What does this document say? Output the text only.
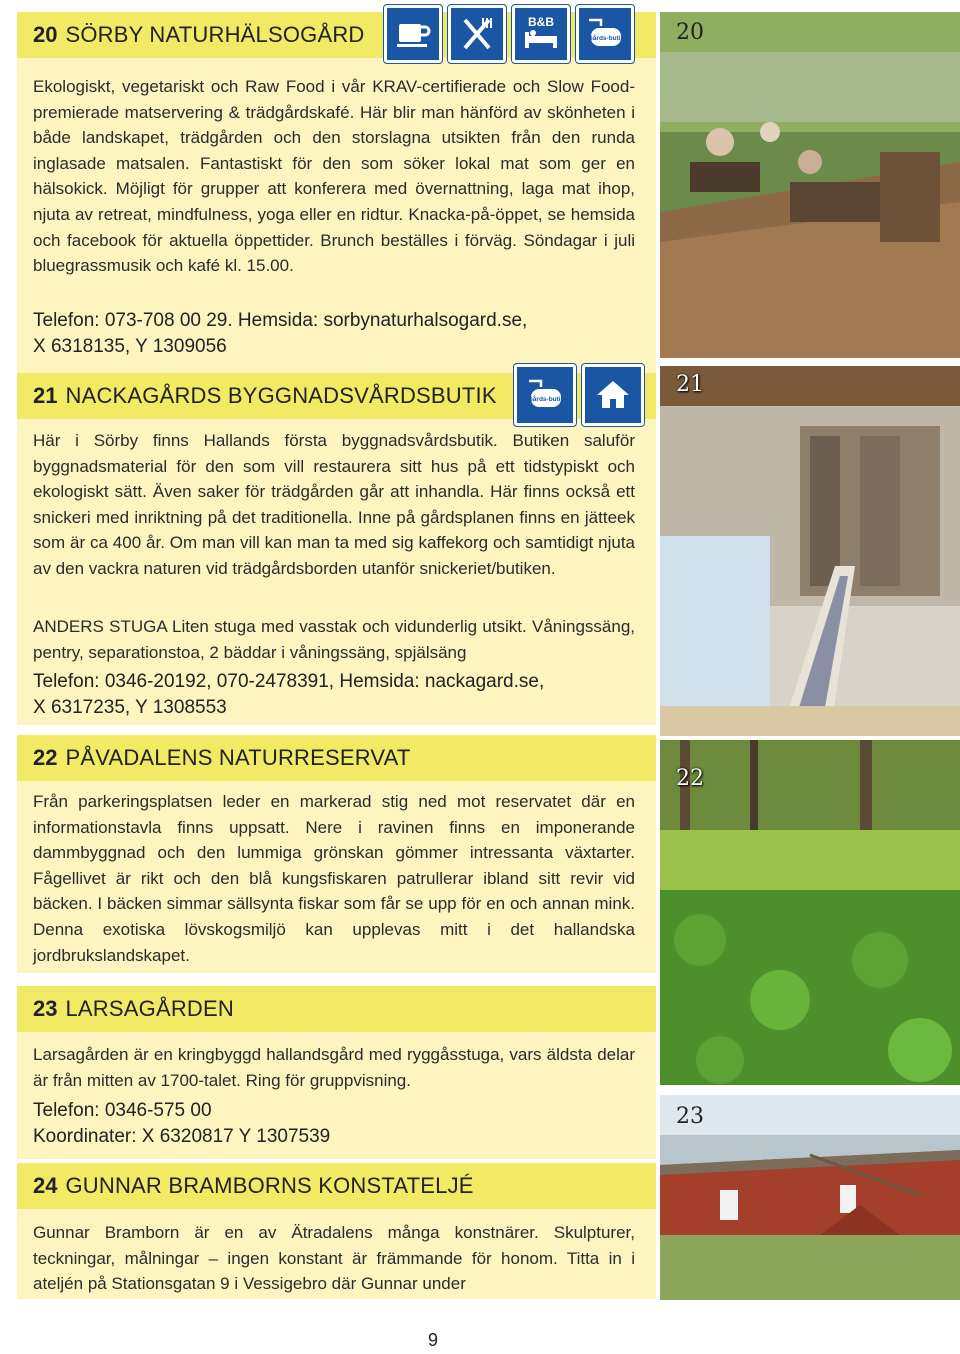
20 SÖRBY NATURHÄLSOGÅRD	B&B
Gårds-butik

Ekologiskt, vegetariskt och Raw Food i vår KRAV-certifierade och Slow Food-premierade matservering & trädgårdskafé. Här blir man hänförd av skönheten i både landskapet, trädgården och den storslagna utsikten från den runda inglasade matsalen. Fantastiskt för den som söker lokal mat som ger en hälsokick. Möjligt för grupper att konferera med övernattning, laga mat ihop, njuta av retreat, mindfulness, yoga eller en ridtur. Knacka-på-öppet, se hemsida och facebook för aktuella öppettider. Brunch beställes i förväg. Söndagar i juli bluegrassmusik och kafé kl. 15.00.

Telefon: 073-708 00 29. Hemsida: sorbynaturhalsogard.se,
X 6318135, Y 1309056
21 NACKAGÅRDS BYGGNADSVÅRDSBUTIK	Gårds-butik

Här i Sörby finns Hallands första byggnadsvårdsbutik. Butiken saluför byggnadsmaterial för den som vill restaurera sitt hus på ett tidstypiskt och ekologiskt sätt. Även saker för trädgården går att inhandla. Här finns också ett snickeri med inriktning på det traditionella. Inne på gårdsplanen finns en jätteek som är ca 400 år. Om man vill kan man ta med sig kaffekorg och samtidigt njuta av den vackra naturen vid trädgårdsborden utanför snickeriet/butiken.

ANDERS STUGA Liten stuga med vasstak och vidunderlig utsikt. Våningssäng, pentry, separationstoa, 2 bäddar i våningssäng, spjälsäng

Telefon: 0346-20192, 070-2478391, Hemsida: nackagard.se,
X 6317235, Y 1308553
22 PÅVADALENS NATURRESERVAT

Från parkeringsplatsen leder en markerad stig ned mot reservatet där en informationstavla finns uppsatt. Nere i ravinen finns en imponerande dammbyggnad och den lummiga grönskan gömmer intressanta växtarter. Fågellivet är rikt och den blå kungsfiskaren patrullerar ibland sitt revir vid bäcken. I bäcken simmar sällsynta fiskar som får se upp för en och annan mink. Denna exotiska lövskogsmiljö kan upplevas mitt i det hallandska jordbrukslandskapet.

23 LARSAGÅRDEN

Larsagården är en kringbyggd hallandsgård med ryggåsstuga, vars äldsta delar är från mitten av 1700-talet. Ring för gruppvisning.

Telefon: 0346-575 00
Koordinater: X 6320817 Y 1307539
24 GUNNAR BRAMBORNS KONSTATELJÉ

Gunnar Bramborn är en av Ätradalens många konstnärer. Skulpturer, teckningar, målningar – ingen konstant är främmande för honom. Titta in i ateljén på Stationsgatan 9 i Vessigebro där Gunnar under

20
21
22
23
9
